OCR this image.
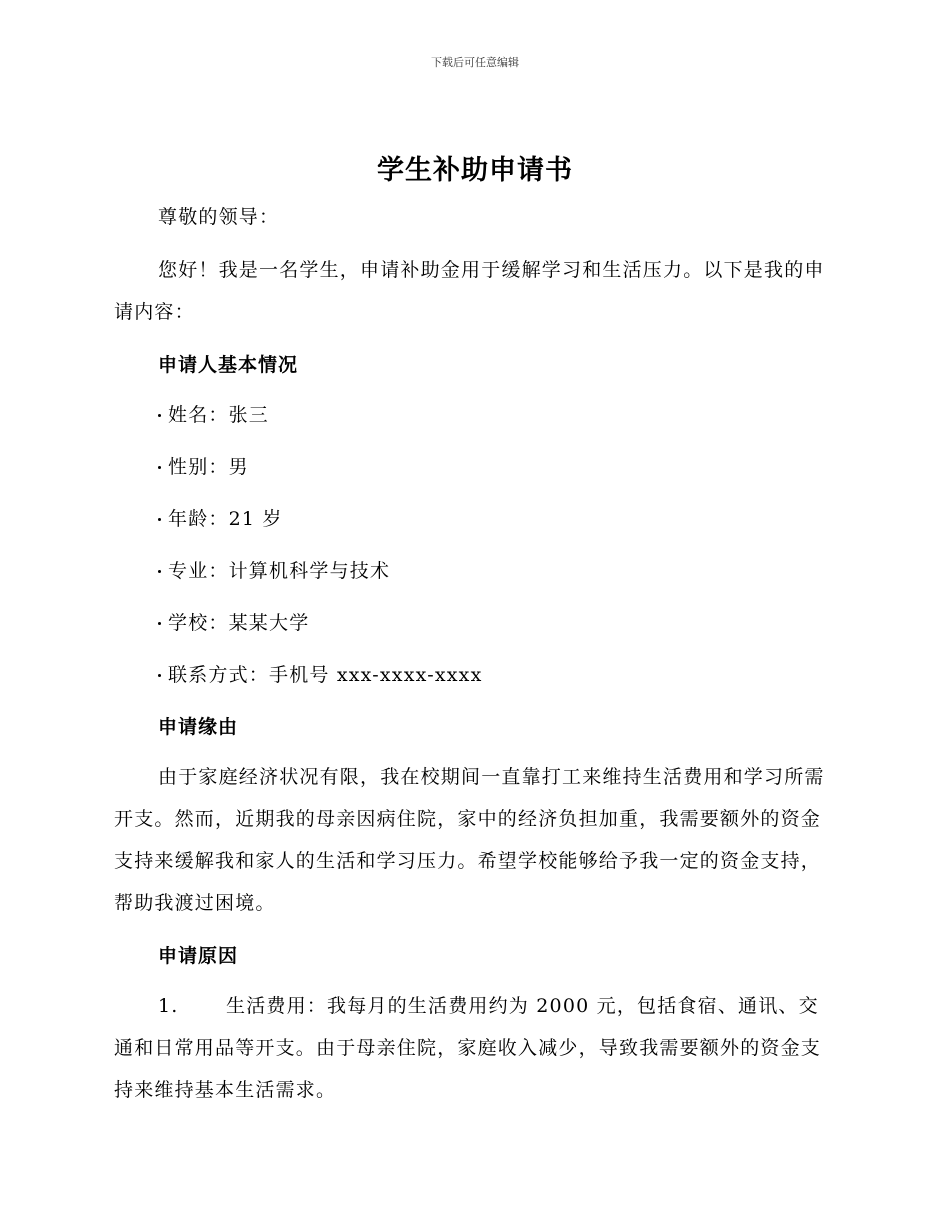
下载后可任意编辑
学生补助申请书

尊敬的领导：

您好！我是一名学生，申请补助金用于缓解学习和生活压力。以下是我的申请内容：

申请人基本情况
姓名：张三
性别：男
年龄：21 岁
专业：计算机科学与技术
学校：某某大学
联系方式：手机号 xxx-xxxx-xxxx
申请缘由

由于家庭经济状况有限，我在校期间一直靠打工来维持生活费用和学习所需开支。然而，近期我的母亲因病住院，家中的经济负担加重，我需要额外的资金支持来缓解我和家人的生活和学习压力。希望学校能够给予我一定的资金支持，帮助我渡过困境。

申请原因

1. 生活费用：我每月的生活费用约为 2000 元，包括食宿、通讯、交通和日常用品等开支。由于母亲住院，家庭收入减少，导致我需要额外的资金支持来维持基本生活需求。
